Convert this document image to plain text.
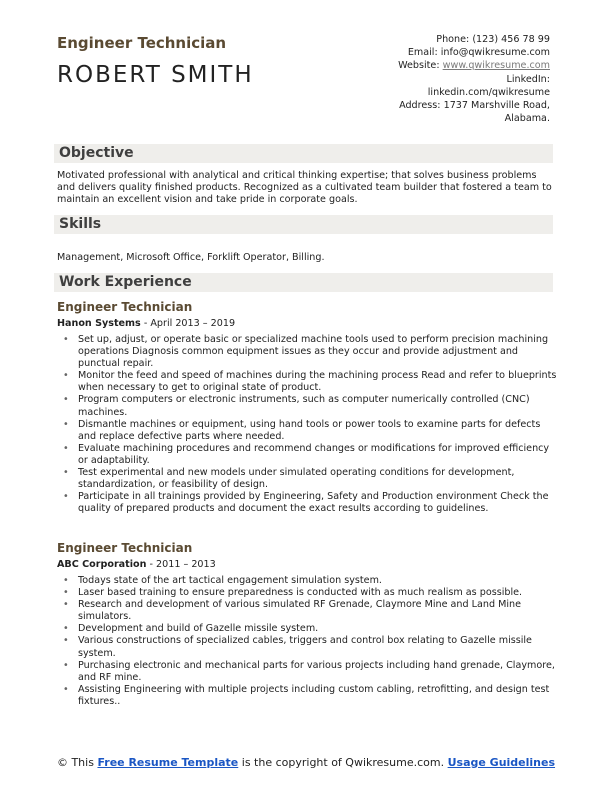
Engineer Technician
ROBERT SMITH
Phone: (123) 456 78 99
Email: info@qwikresume.com
Website: www.qwikresume.com
LinkedIn:
linkedin.com/qwikresume
Address: 1737 Marshville Road,
Alabama.
Objective
Motivated professional with analytical and critical thinking expertise; that solves business problems and delivers quality finished products. Recognized as a cultivated team builder that fostered a team to maintain an excellent vision and take pride in corporate goals.
Skills
Management, Microsoft Office, Forklift Operator, Billing.
Work Experience
Engineer Technician
Hanon Systems - April 2013 – 2019
• Set up, adjust, or operate basic or specialized machine tools used to perform precision machining operations Diagnosis common equipment issues as they occur and provide adjustment and punctual repair.
• Monitor the feed and speed of machines during the machining process Read and refer to blueprints when necessary to get to original state of product.
• Program computers or electronic instruments, such as computer numerically controlled (CNC) machines.
• Dismantle machines or equipment, using hand tools or power tools to examine parts for defects and replace defective parts where needed.
• Evaluate machining procedures and recommend changes or modifications for improved efficiency or adaptability.
• Test experimental and new models under simulated operating conditions for development, standardization, or feasibility of design.
• Participate in all trainings provided by Engineering, Safety and Production environment Check the quality of prepared products and document the exact results according to guidelines.
Engineer Technician
ABC Corporation - 2011 – 2013
• Todays state of the art tactical engagement simulation system.
• Laser based training to ensure preparedness is conducted with as much realism as possible.
• Research and development of various simulated RF Grenade, Claymore Mine and Land Mine simulators.
• Development and build of Gazelle missile system.
• Various constructions of specialized cables, triggers and control box relating to Gazelle missile system.
• Purchasing electronic and mechanical parts for various projects including hand grenade, Claymore, and RF mine.
• Assisting Engineering with multiple projects including custom cabling, retrofitting, and design test fixtures..
© This Free Resume Template is the copyright of Qwikresume.com. Usage Guidelines
